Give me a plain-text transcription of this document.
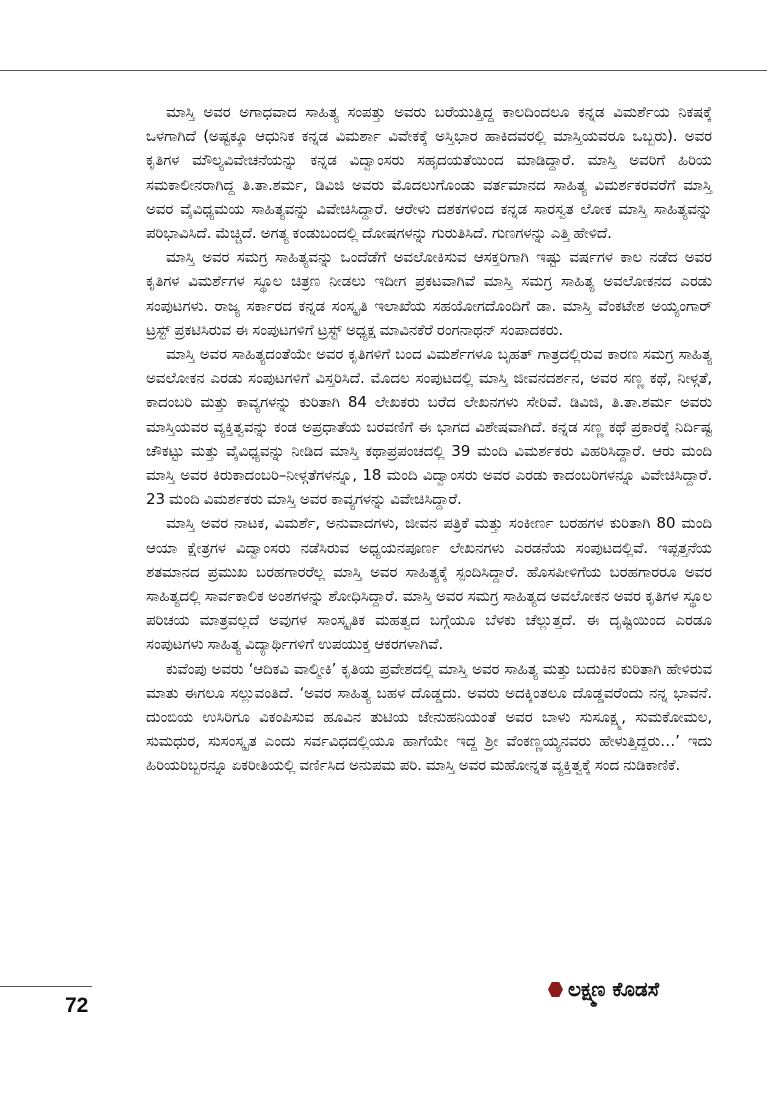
ಮಾಸ್ತಿ ಅವರ ಅಗಾಧವಾದ ಸಾಹಿತ್ಯ ಸಂಪತ್ತು ಅವರು ಬರೆಯುತ್ತಿದ್ದ ಕಾಲದಿಂದಲೂ ಕನ್ನಡ ವಿಮರ್ಶೆಯ ನಿಕಷಕ್ಕೆ ಒಳಗಾಗಿದೆ (ಅಷ್ಟಕ್ಕೂ ಆಧುನಿಕ ಕನ್ನಡ ವಿಮರ್ಶಾ ವಿವೇಕಕ್ಕೆ ಅಸ್ತಿಭಾರ ಹಾಕಿದವರಲ್ಲಿ ಮಾಸ್ತಿಯವರೂ ಒಬ್ಬರು). ಅವರ ಕೃತಿಗಳ ಮೌಲ್ಯವಿವೇಚನೆಯನ್ನು ಕನ್ನಡ ವಿದ್ವಾಂಸರು ಸಹೃದಯತೆಯಿಂದ ಮಾಡಿದ್ದಾರೆ. ಮಾಸ್ತಿ ಅವರಿಗೆ ಹಿರಿಯ ಸಮಕಾಲೀನರಾಗಿದ್ದ ತಿ.ತಾ.ಶರ್ಮ, ಡಿವಿಜಿ ಅವರು ಮೊದಲುಗೊಂಡು ವರ್ತಮಾನದ ಸಾಹಿತ್ಯ ವಿಮರ್ಶಕರವರೆಗೆ ಮಾಸ್ತಿ ಅವರ ವೈವಿಧ್ಯಮಯ ಸಾಹಿತ್ಯವನ್ನು ವಿವೇಚಿಸಿದ್ದಾರೆ. ಆರೇಳು ದಶಕಗಳಿಂದ ಕನ್ನಡ ಸಾರಸ್ವತ ಲೋಕ ಮಾಸ್ತಿ ಸಾಹಿತ್ಯವನ್ನು ಪರಿಭಾವಿಸಿದೆ. ಮೆಚ್ಚಿದೆ. ಅಗತ್ಯ ಕಂಡುಬಂದಲ್ಲಿ ದೋಷಗಳನ್ನು ಗುರುತಿಸಿದೆ. ಗುಣಗಳನ್ನು ಎತ್ತಿ ಹೇಳಿದೆ.

ಮಾಸ್ತಿ ಅವರ ಸಮಗ್ರ ಸಾಹಿತ್ಯವನ್ನು ಒಂದೆಡೆಗೆ ಅವಲೋಕಿಸುವ ಆಸಕ್ತರಿಗಾಗಿ ಇಷ್ಟು ವರ್ಷಗಳ ಕಾಲ ನಡೆದ ಅವರ ಕೃತಿಗಳ ವಿಮರ್ಶೆಗಳ ಸ್ಥೂಲ ಚಿತ್ರಣ ನೀಡಲು ಇದೀಗ ಪ್ರಕಟವಾಗಿವೆ ಮಾಸ್ತಿ ಸಮಗ್ರ ಸಾಹಿತ್ಯ ಅವಲೋಕನದ ಎರಡು ಸಂಪುಟಗಳು. ರಾಜ್ಯ ಸರ್ಕಾರದ ಕನ್ನಡ ಸಂಸ್ಕೃತಿ ಇಲಾಖೆಯ ಸಹಯೋಗದೊಂದಿಗೆ ಡಾ. ಮಾಸ್ತಿ ವೆಂಕಟೇಶ ಅಯ್ಯಂಗಾರ್ ಟ್ರಸ್ಟ್ ಪ್ರಕಟಿಸಿರುವ ಈ ಸಂಪುಟಗಳಿಗೆ ಟ್ರಸ್ಟ್ ಅಧ್ಯಕ್ಷ ಮಾವಿನಕೆರೆ ರಂಗನಾಥನ್ ಸಂಪಾದಕರು.

ಮಾಸ್ತಿ ಅವರ ಸಾಹಿತ್ಯದಂತೆಯೇ ಅವರ ಕೃತಿಗಳಿಗೆ ಬಂದ ವಿಮರ್ಶೆಗಳೂ ಬೃಹತ್ ಗಾತ್ರದಲ್ಲಿರುವ ಕಾರಣ ಸಮಗ್ರ ಸಾಹಿತ್ಯ ಅವಲೋಕನ ಎರಡು ಸಂಪುಟಗಳಿಗೆ ವಿಸ್ತರಿಸಿದೆ. ಮೊದಲ ಸಂಪುಟದಲ್ಲಿ ಮಾಸ್ತಿ ಜೀವನದರ್ಶನ, ಅವರ ಸಣ್ಣ ಕಥೆ, ನೀಳ್ಗತೆ, ಕಾದಂಬರಿ ಮತ್ತು ಕಾವ್ಯಗಳನ್ನು ಕುರಿತಾಗಿ 84 ಲೇಖಕರು ಬರೆದ ಲೇಖನಗಳು ಸೇರಿವೆ. ಡಿವಿಜಿ, ತಿ.ತಾ.ಶರ್ಮ ಅವರು ಮಾಸ್ತಿಯವರ ವ್ಯಕ್ತಿತ್ವವನ್ನು ಕಂಡ ಅಪ್ರಧಾತೆಯ ಬರವಣಿಗೆ ಈ ಭಾಗದ ವಿಶೇಷವಾಗಿದೆ. ಕನ್ನಡ ಸಣ್ಣ ಕಥೆ ಪ್ರಕಾರಕ್ಕೆ ನಿರ್ದಿಷ್ಟ ಚೌಕಟ್ಟು ಮತ್ತು ವೈವಿಧ್ಯವನ್ನು ನೀಡಿದ ಮಾಸ್ತಿ ಕಥಾಪ್ರಪಂಚದಲ್ಲಿ 39 ಮಂದಿ ವಿಮರ್ಶಕರು ವಿಹರಿಸಿದ್ದಾರೆ. ಆರು ಮಂದಿ ಮಾಸ್ತಿ ಅವರ ಕಿರುಕಾದಂಬರಿ–ನೀಳ್ಗತೆಗಳನ್ನೂ, 18 ಮಂದಿ ವಿದ್ವಾಂಸರು ಅವರ ಎರಡು ಕಾದಂಬರಿಗಳನ್ನೂ ವಿವೇಚಿಸಿದ್ದಾರೆ. 23 ಮಂದಿ ವಿಮರ್ಶಕರು ಮಾಸ್ತಿ ಅವರ ಕಾವ್ಯಗಳನ್ನು ವಿವೇಚಿಸಿದ್ದಾರೆ.

ಮಾಸ್ತಿ ಅವರ ನಾಟಕ, ವಿಮರ್ಶೆ, ಅನುವಾದಗಳು, ಜೀವನ ಪತ್ರಿಕೆ ಮತ್ತು ಸಂಕೀರ್ಣ ಬರಹಗಳ ಕುರಿತಾಗಿ 80 ಮಂದಿ ಆಯಾ ಕ್ಷೇತ್ರಗಳ ವಿದ್ವಾಂಸರು ನಡೆಸಿರುವ ಅಧ್ಯಯನಪೂರ್ಣ ಲೇಖನಗಳು ಎರಡನೆಯ ಸಂಪುಟದಲ್ಲಿವೆ. ಇಪ್ಪತ್ತನೆಯ ಶತಮಾನದ ಪ್ರಮುಖ ಬರಹಗಾರರೆಲ್ಲ ಮಾಸ್ತಿ ಅವರ ಸಾಹಿತ್ಯಕ್ಕೆ ಸ್ಪಂದಿಸಿದ್ದಾರೆ. ಹೊಸಪೀಳಿಗೆಯ ಬರಹಗಾರರೂ ಅವರ ಸಾಹಿತ್ಯದಲ್ಲಿ ಸಾರ್ವಕಾಲಿಕ ಅಂಶಗಳನ್ನು ಶೋಧಿಸಿದ್ದಾರೆ. ಮಾಸ್ತಿ ಅವರ ಸಮಗ್ರ ಸಾಹಿತ್ಯದ ಅವಲೋಕನ ಅವರ ಕೃತಿಗಳ ಸ್ಥೂಲ ಪರಿಚಯ ಮಾತ್ರವಲ್ಲದೆ ಅವುಗಳ ಸಾಂಸ್ಕೃತಿಕ ಮಹತ್ವದ ಬಗ್ಗೆಯೂ ಬೆಳಕು ಚೆಲ್ಲುತ್ತದೆ. ಈ ದೃಷ್ಟಿಯಿಂದ ಎರಡೂ ಸಂಪುಟಗಳು ಸಾಹಿತ್ಯ ವಿದ್ಯಾರ್ಥಿಗಳಿಗೆ ಉಪಯುಕ್ತ ಆಕರಗಳಾಗಿವೆ.

ಕುವೆಂಪು ಅವರು ‘ಆದಿಕವಿ ವಾಲ್ಮೀಕಿ’ ಕೃತಿಯ ಪ್ರವೇಶದಲ್ಲಿ ಮಾಸ್ತಿ ಅವರ ಸಾಹಿತ್ಯ ಮತ್ತು ಬದುಕಿನ ಕುರಿತಾಗಿ ಹೇಳಿರುವ ಮಾತು ಈಗಲೂ ಸಲ್ಲುವಂತಿದೆ. ‘ಅವರ ಸಾಹಿತ್ಯ ಬಹಳ ದೊಡ್ಡದು. ಅವರು ಅದಕ್ಕಿಂತಲೂ ದೊಡ್ಡವರೆಂದು ನನ್ನ ಭಾವನೆ. ದುಂಬಿಯ ಉಸಿರಿಗೂ ವಿಕಂಪಿಸುವ ಹೂವಿನ ತುಟಿಯ ಜೇನುಹನಿಯಂತೆ ಅವರ ಬಾಳು ಸುಸೂಕ್ಷ್ಮ, ಸುಮಕೋಮಲ, ಸುಮಧುರ, ಸುಸಂಸ್ಕೃತ ಎಂದು ಸರ್ವವಿಧದಲ್ಲಿಯೂ ಹಾಗೆಯೇ ಇದ್ದ ಶ್ರೀ ವೆಂಕಣ್ಣಯ್ಯನವರು ಹೇಳುತ್ತಿದ್ದರು…’ ಇದು ಹಿರಿಯರಿಬ್ಬರನ್ನೂ ಏಕರೀತಿಯಲ್ಲಿ ವರ್ಣಿಸಿದ ಅನುಪಮ ಪರಿ. ಮಾಸ್ತಿ ಅವರ ಮಹೋನ್ನತ ವ್ಯಕ್ತಿತ್ವಕ್ಕೆ ಸಂದ ನುಡಿಕಾಣಿಕೆ.

ಲಕ್ಷ್ಮಣ ಕೊಡಸೆ
72
